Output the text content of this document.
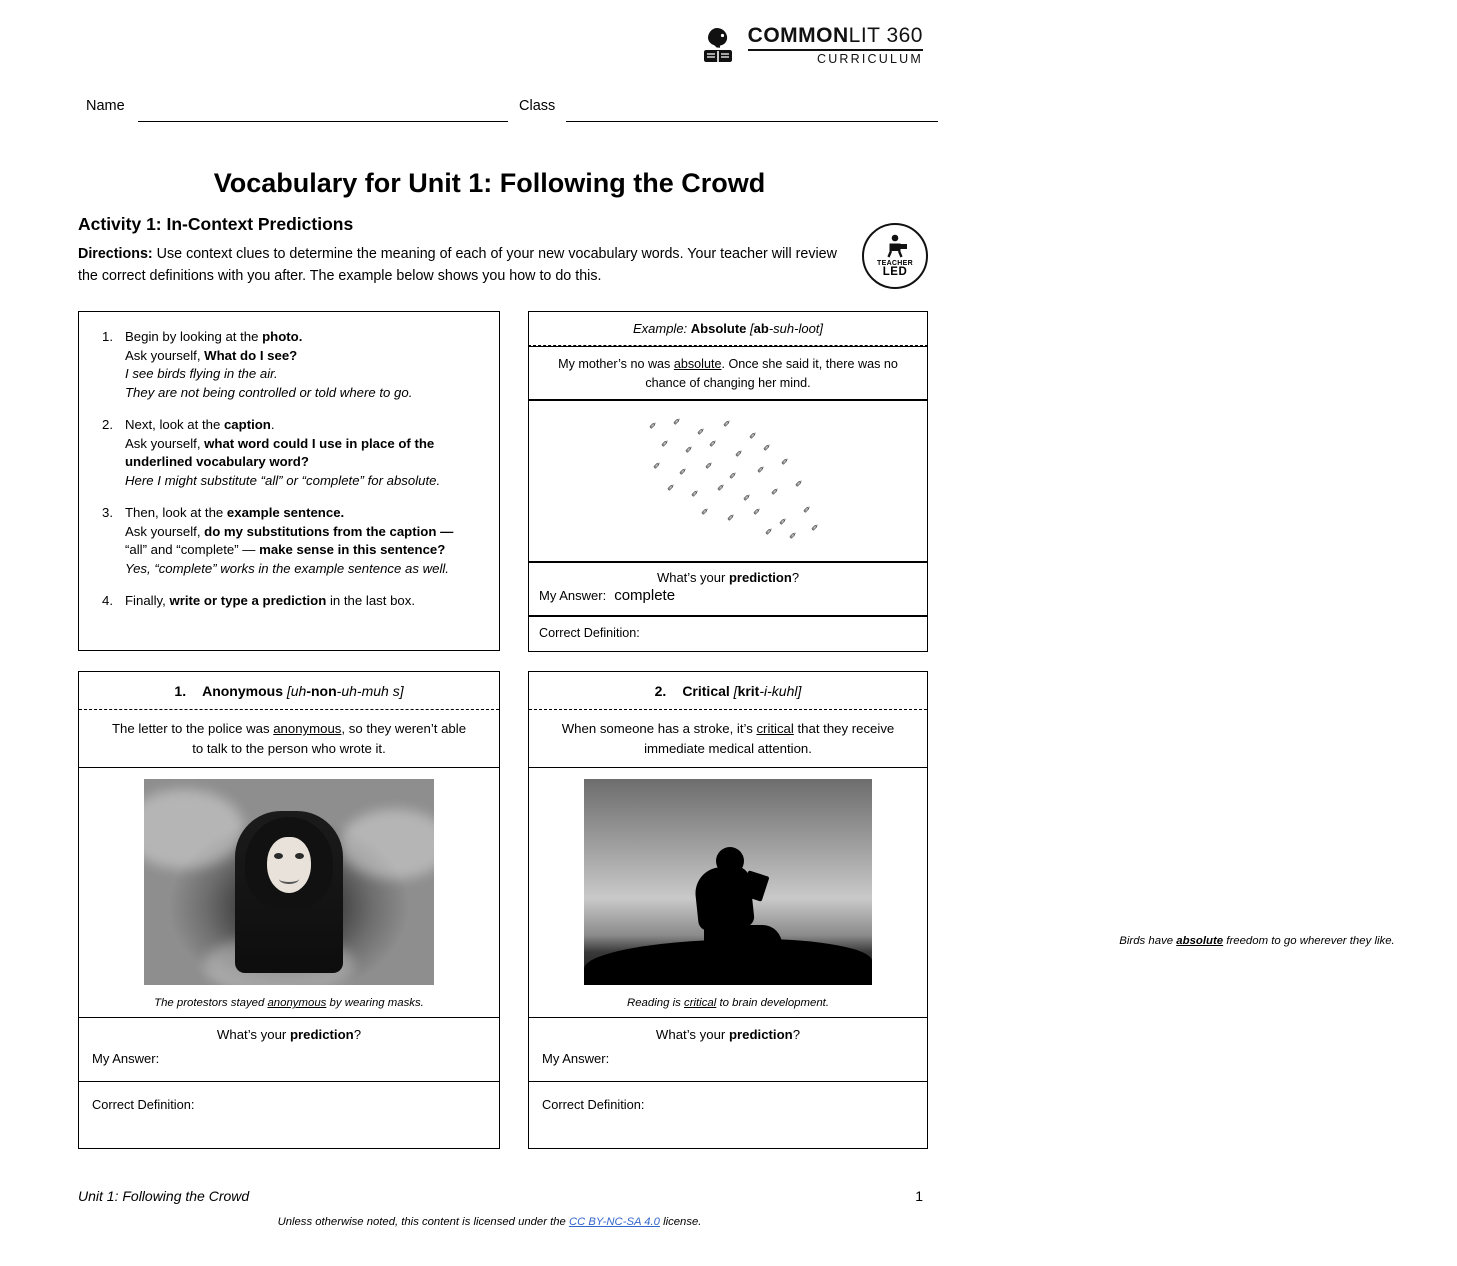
COMMONLIT 360
CURRICULUM
Name	Class
Vocabulary for Unit 1: Following the Crowd
Activity 1: In-Context Predictions
Directions: Use context clues to determine the meaning of each of your new vocabulary words. Your teacher will review the correct definitions with you after. The example below shows you how to do this.
TEACHER
LED
1. Begin by looking at the photo.
Ask yourself, What do I see?
I see birds flying in the air.
They are not being controlled or told where to go.
2. Next, look at the caption.
Ask yourself, what word could I use in place of the underlined vocabulary word?
Here I might substitute “all” or “complete” for absolute.
3. Then, look at the example sentence.
Ask yourself, do my substitutions from the caption —
“all” and “complete” — make sense in this sentence?
Yes, “complete” works in the example sentence as well.
4. Finally, write or type a prediction in the last box.
Example: Absolute [ab-suh-loot]
My mother’s no was absolute. Once she said it, there was no chance of changing her mind.
✐ ✐
✐
✐
✐
✐
✐
✐
✐
✐
✐
✐
✐
✐
✐
✐
✐
✐
✐
✐
✐
✐
✐
✐
✐
✐
✐
✐ ✐
✐
Birds have absolute freedom to go wherever they like.
What’s your prediction?
My Answer: complete
Correct Definition:
1. Anonymous [uh-non-uh-muh s]
The letter to the police was anonymous, so they weren’t able to talk to the person who wrote it.
The protestors stayed anonymous by wearing masks.
What’s your prediction?
My Answer:
Correct Definition:
2. Critical [krit-i-kuhl]
When someone has a stroke, it’s critical that they receive immediate medical attention.
Reading is critical to brain development.
What’s your prediction?
My Answer:
Correct Definition:
Unit 1: Following the Crowd	1
Unless otherwise noted, this content is licensed under the CC BY-NC-SA 4.0 license.
